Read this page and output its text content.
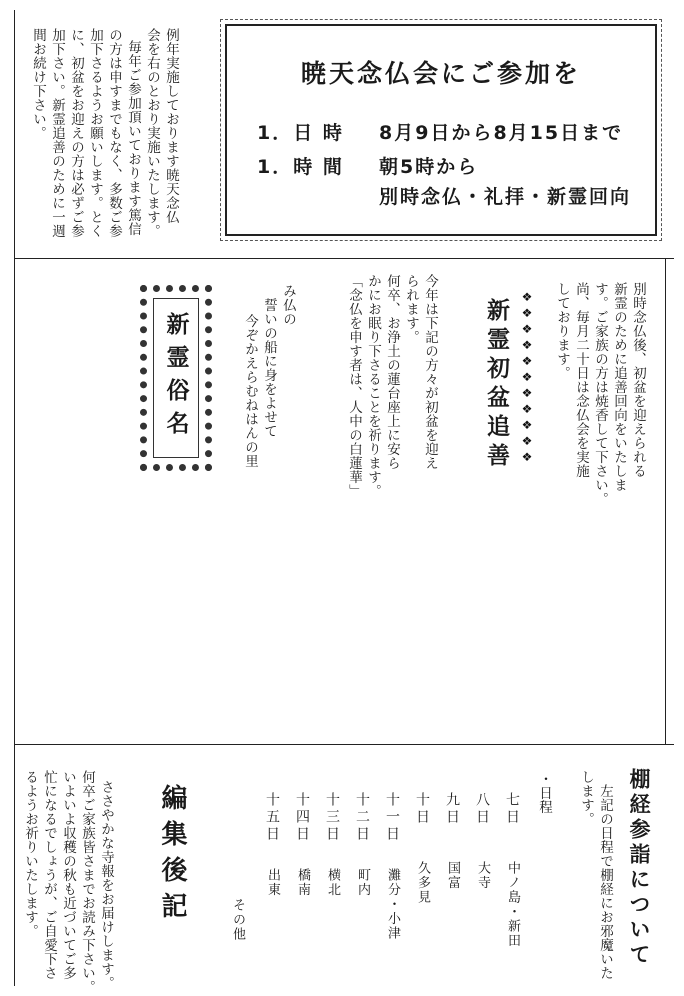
暁天念仏会にご参加を
1．日 時 8月9日から8月15日まで
1．時 間 朝5時から
別時念仏・礼拝・新霊回向
例年実施しております暁天念仏
会を右のとおり実施いたします。
毎年ご参加頂いております篤信
の方は申すまでもなく、多数ご参
加下さるようお願いします。とく
に、初盆をお迎えの方は必ずご参
加下さい。新霊追善のために一週
間お続け下さい。
別時念仏後、初盆を迎えられる
新霊のために追善回向をいたしま
す。ご家族の方は焼香して下さい。
尚、毎月二十日は念仏会を実施
しております。
❖❖❖❖❖❖❖❖❖❖❖
新霊初盆追善
今年は下記の方々が初盆を迎え
られます。
何卒、お浄土の蓮台座上に安ら
かにお眠り下さることを祈ります。
「念仏を申す者は、人中の白蓮華」
み仏の
誓いの船に身をよせて
今ぞかえらむねはんの里
新霊俗名
棚経参詣について
左記の日程で棚経にお邪魔いた
します。
・日程
七日 中ノ島・新田
八日 大寺
九日 国富
十日 久多見
十一日 灘分・小津
十二日 町内
十三日 横北
十四日 橋南
十五日 出東
その他
編集後記
ささやかな寺報をお届けします。
何卒ご家族皆さまでお読み下さい。
いよいよ収穫の秋も近づいてご多
忙になるでしょうが、ご自愛下さ
るようお祈りいたします。
